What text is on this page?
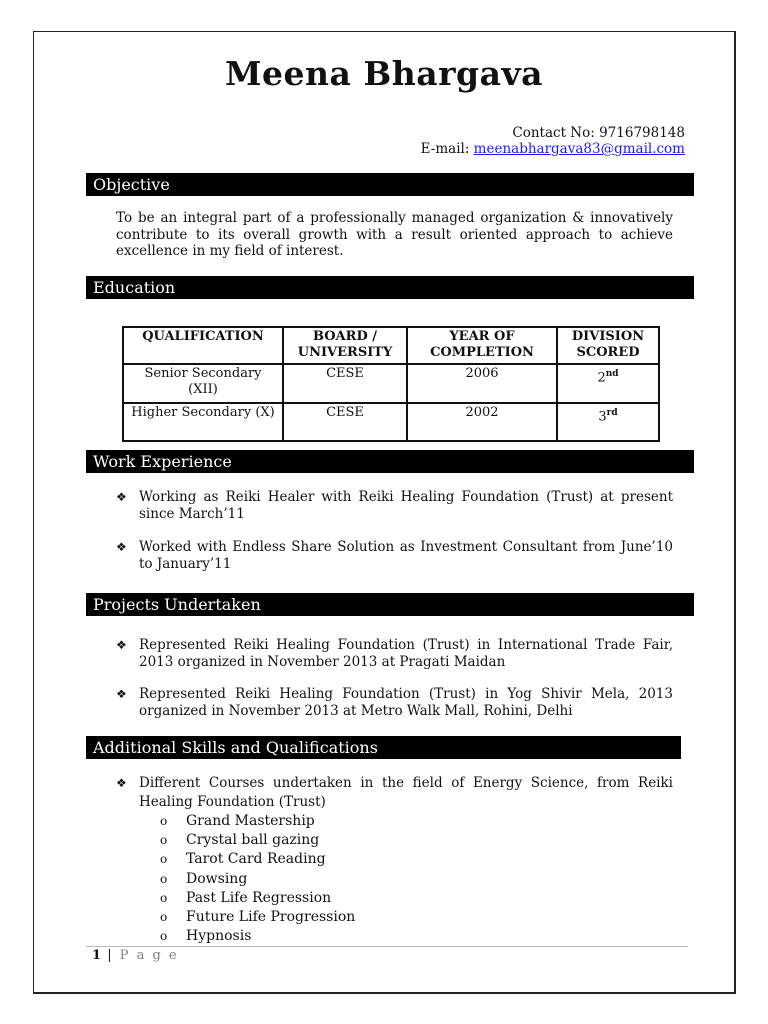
Meena Bhargava
Contact No: 9716798148
E-mail: meenabhargava83@gmail.com
Objective
To be an integral part of a professionally managed organization & innovatively contribute to its overall growth with a result oriented approach to achieve excellence in my field of interest.
Education
QUALIFICATION	BOARD / UNIVERSITY	YEAR OF COMPLETION	DIVISION SCORED
Senior Secondary (XII)	CESE	2006	2nd
Higher Secondary (X)	CESE	2002	3rd
Work Experience
❖ Working as Reiki Healer with Reiki Healing Foundation (Trust) at present since March’11
❖ Worked with Endless Share Solution as Investment Consultant from June’10 to January’11
Projects Undertaken
❖ Represented Reiki Healing Foundation (Trust) in International Trade Fair, 2013 organized in November 2013 at Pragati Maidan
❖ Represented Reiki Healing Foundation (Trust) in Yog Shivir Mela, 2013 organized in November 2013 at Metro Walk Mall, Rohini, Delhi
Additional Skills and Qualifications
❖ Different Courses undertaken in the field of Energy Science, from Reiki Healing Foundation (Trust)
o Grand Mastership
o Crystal ball gazing
o Tarot Card Reading
o Dowsing
o Past Life Regression
o Future Life Progression
o Hypnosis
1 | P a g e
